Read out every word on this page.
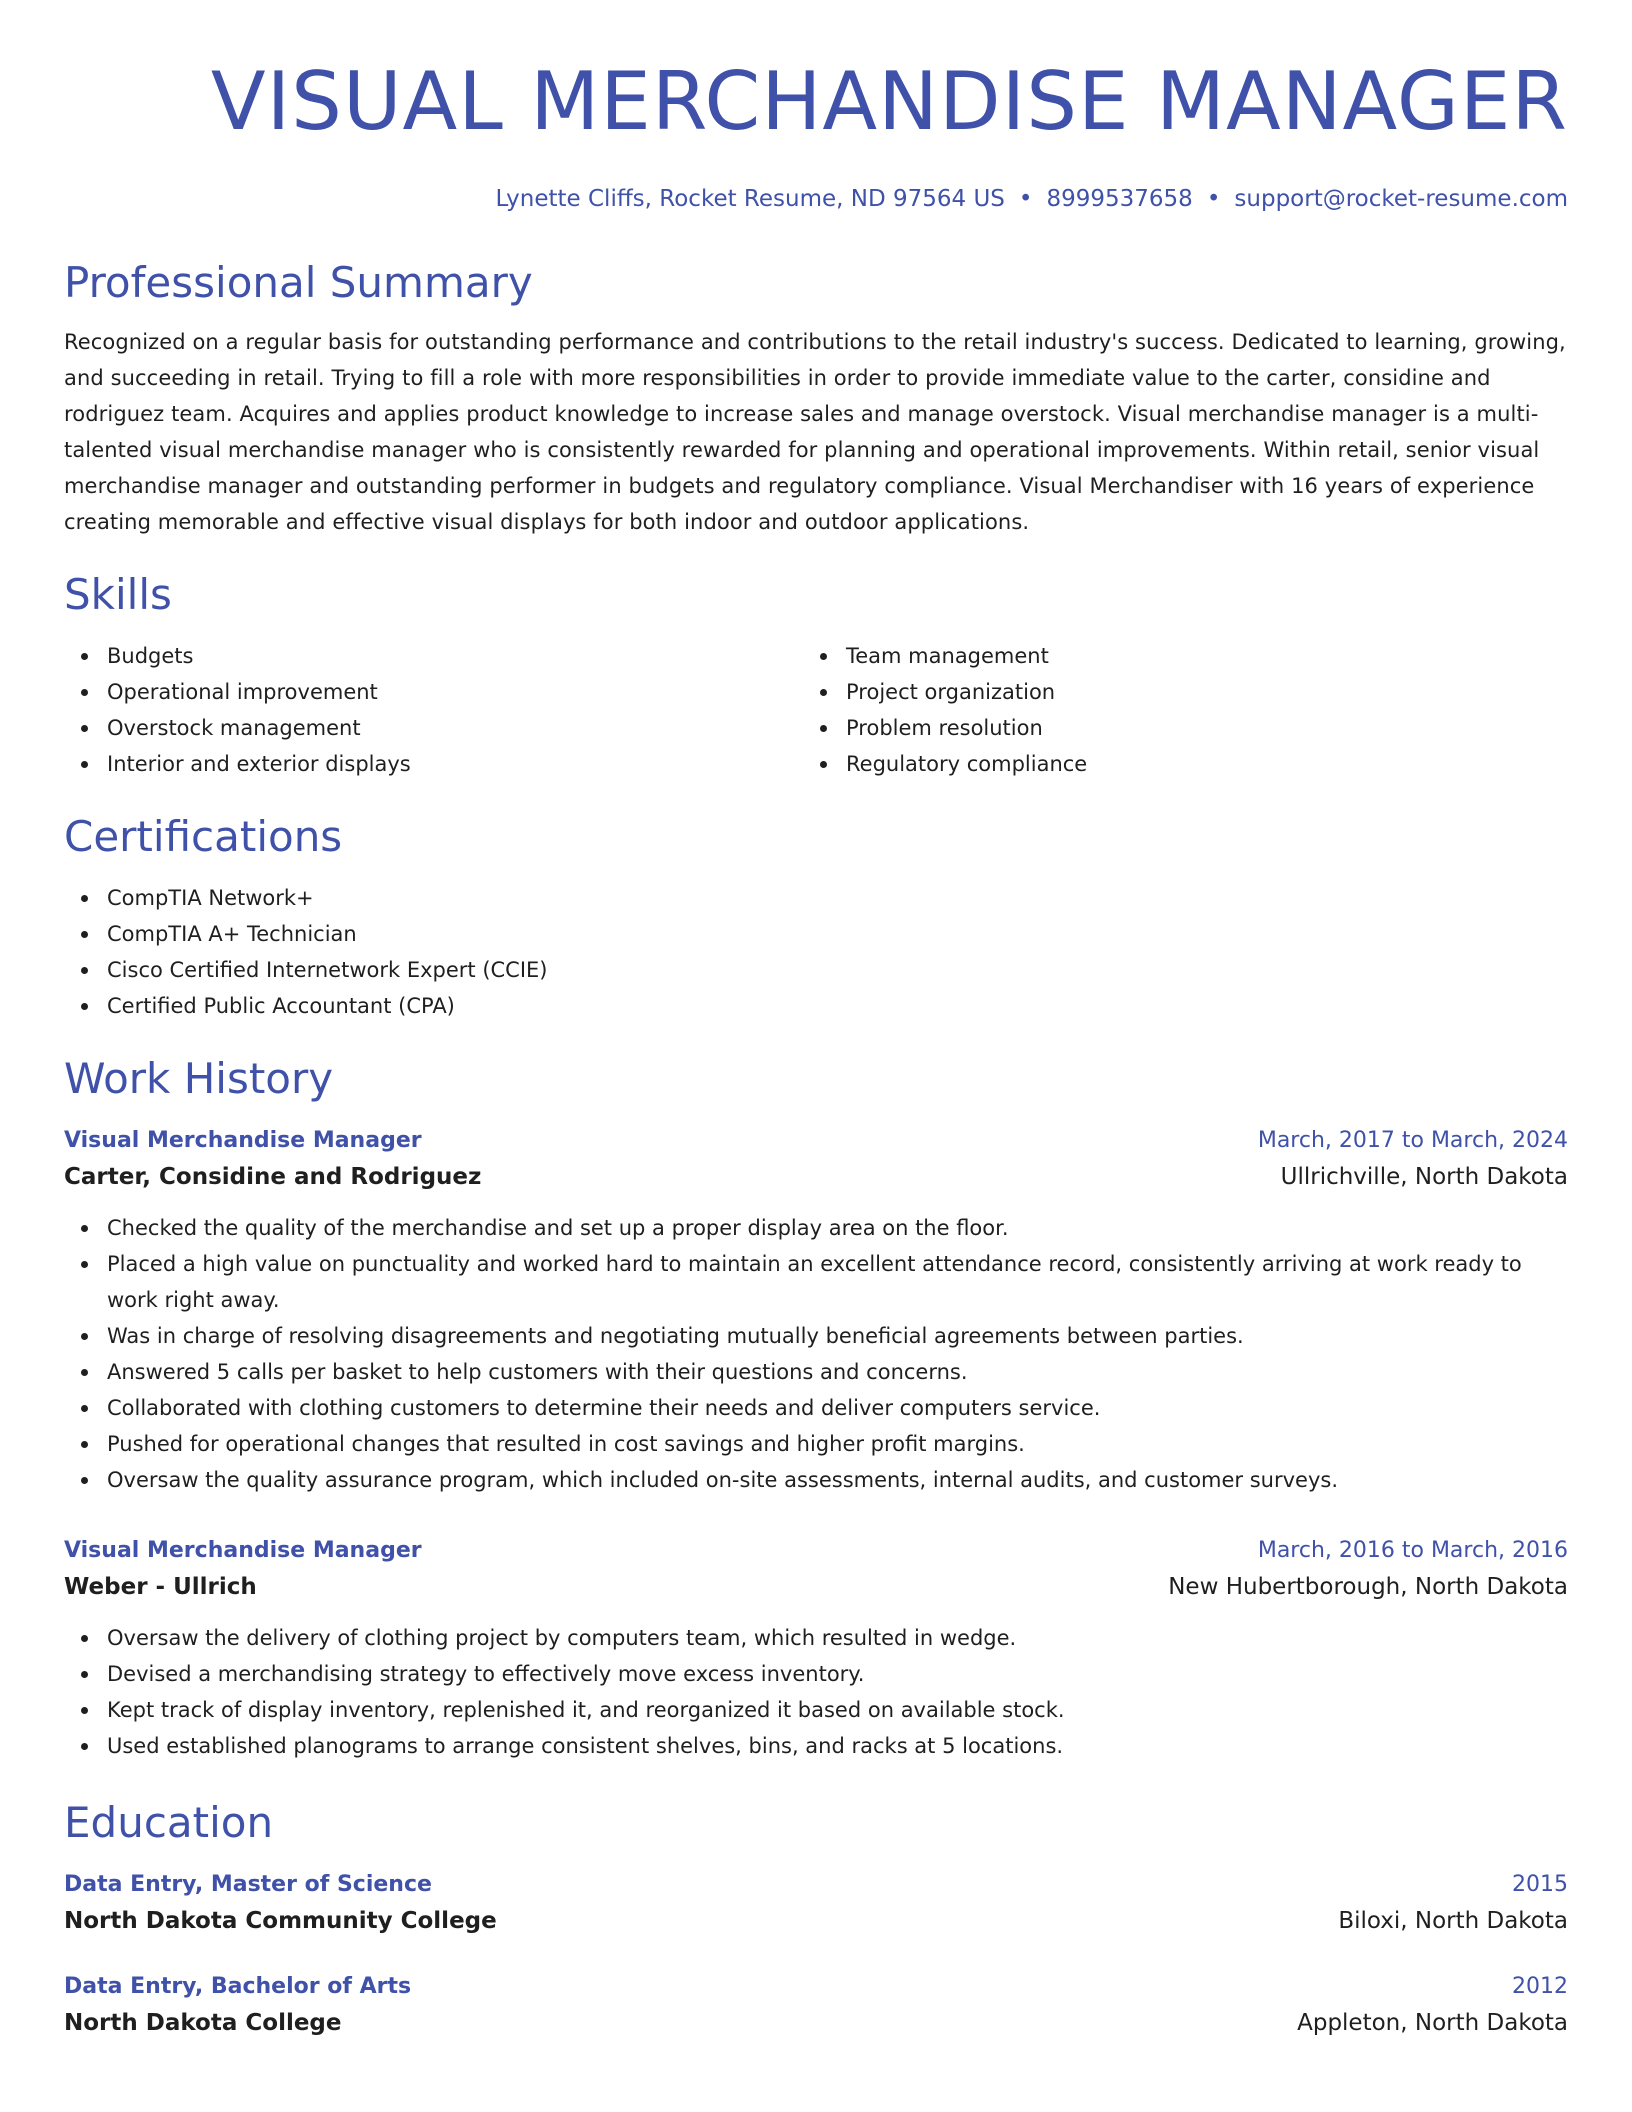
VISUAL MERCHANDISE MANAGER
Lynette Cliffs, Rocket Resume, ND 97564 US • 8999537658 • support@rocket-resume.com
Professional Summary

Recognized on a regular basis for outstanding performance and contributions to the retail industry's success. Dedicated to learning, growing, and succeeding in retail. Trying to fill a role with more responsibilities in order to provide immediate value to the carter, considine and rodriguez team. Acquires and applies product knowledge to increase sales and manage overstock. Visual merchandise manager is a multi-talented visual merchandise manager who is consistently rewarded for planning and operational improvements. Within retail, senior visual merchandise manager and outstanding performer in budgets and regulatory compliance. Visual Merchandiser with 16 years of experience creating memorable and effective visual displays for both indoor and outdoor applications.

Skills
Budgets
Operational improvement
Overstock management
Interior and exterior displays
Team management
Project organization
Problem resolution
Regulatory compliance
Certifications
CompTIA Network+
CompTIA A+ Technician
Cisco Certified Internetwork Expert (CCIE)
Certified Public Accountant (CPA)
Work History
Visual Merchandise Manager	March, 2017 to March, 2024
Carter, Considine and Rodriguez	Ullrichville, North Dakota
Checked the quality of the merchandise and set up a proper display area on the floor.
Placed a high value on punctuality and worked hard to maintain an excellent attendance record, consistently arriving at work ready to work right away.
Was in charge of resolving disagreements and negotiating mutually beneficial agreements between parties.
Answered 5 calls per basket to help customers with their questions and concerns.
Collaborated with clothing customers to determine their needs and deliver computers service.
Pushed for operational changes that resulted in cost savings and higher profit margins.
Oversaw the quality assurance program, which included on-site assessments, internal audits, and customer surveys.
Visual Merchandise Manager	March, 2016 to March, 2016
Weber - Ullrich	New Hubertborough, North Dakota
Oversaw the delivery of clothing project by computers team, which resulted in wedge.
Devised a merchandising strategy to effectively move excess inventory.
Kept track of display inventory, replenished it, and reorganized it based on available stock.
Used established planograms to arrange consistent shelves, bins, and racks at 5 locations.
Education
Data Entry, Master of Science	2015
North Dakota Community College	Biloxi, North Dakota
Data Entry, Bachelor of Arts	2012
North Dakota College	Appleton, North Dakota
